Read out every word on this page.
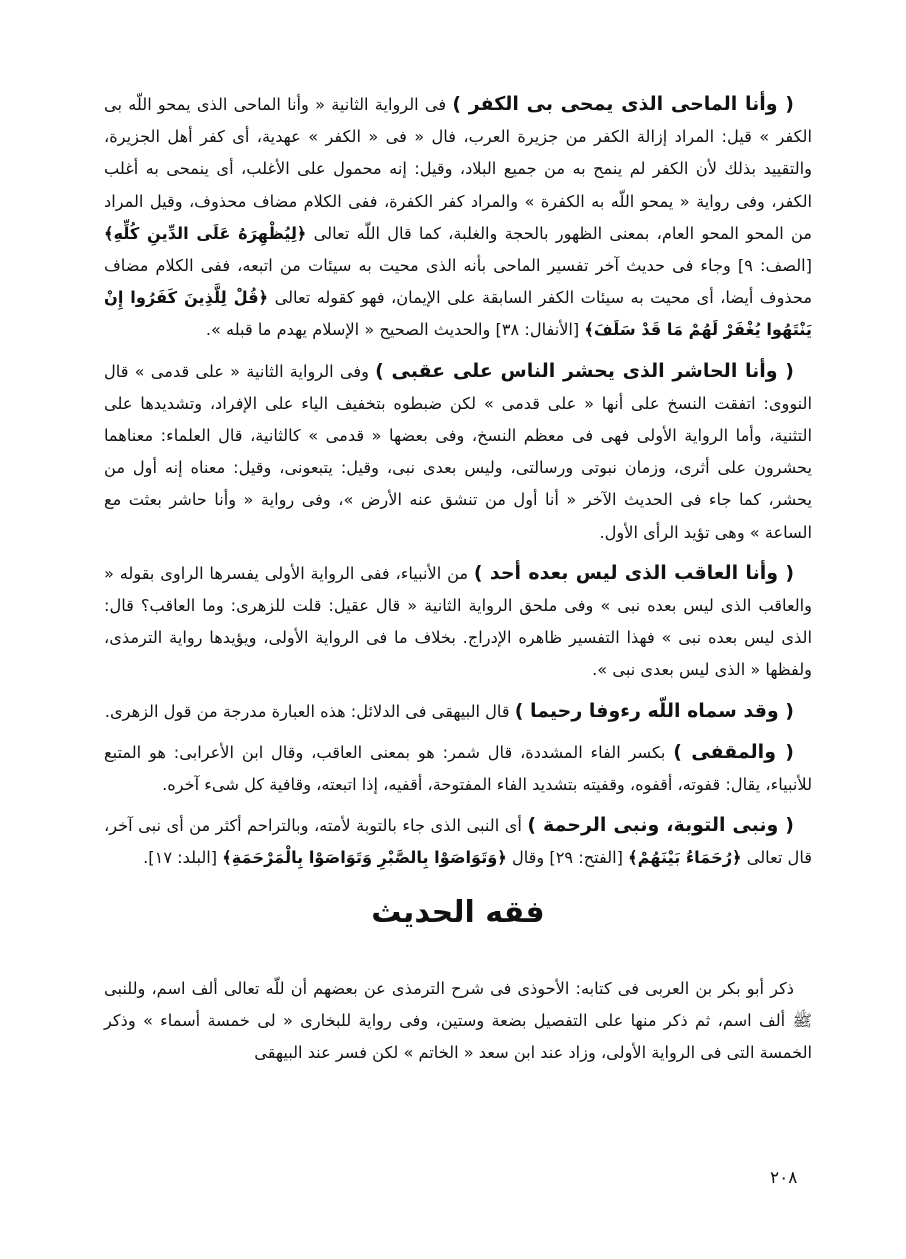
( وأنا الماحى الذى يمحى بى الكفر ) فى الرواية الثانية « وأنا الماحى الذى يمحو اللّه بى الكفر » قيل: المراد إزالة الكفر من جزيرة العرب، فال « فى « الكفر » عهدية، أى كفر أهل الجزيرة، والتقييد بذلك لأن الكفر لم ينمح به من جميع البلاد، وقيل: إنه محمول على الأغلب، أى ينمحى به أغلب الكفر، وفى رواية « يمحو اللّه به الكفرة » والمراد كفر الكفرة، ففى الكلام مضاف محذوف، وقيل المراد من المحو المحو العام، بمعنى الظهور بالحجة والغلبة، كما قال اللّه تعالى ﴿لِيُظْهِرَهُ عَلَى الدِّينِ كُلِّهِ﴾ [الصف: ٩] وجاء فى حديث آخر تفسير الماحى بأنه الذى محيت به سيئات من اتبعه، ففى الكلام مضاف محذوف أيضا، أى محيت به سيئات الكفر السابقة على الإيمان، فهو كقوله تعالى ﴿قُلْ لِلَّذِينَ كَفَرُوا إِنْ يَنْتَهُوا يُغْفَرْ لَهُمْ مَا قَدْ سَلَفَ﴾ [الأنفال: ٣٨] والحديث الصحيح « الإسلام يهدم ما قبله ».

( وأنا الحاشر الذى يحشر الناس على عقبى ) وفى الرواية الثانية « على قدمى » قال النووى: اتفقت النسخ على أنها « على قدمى » لكن ضبطوه بتخفيف الياء على الإفراد، وتشديدها على التثنية، وأما الرواية الأولى فهى فى معظم النسخ، وفى بعضها « قدمى » كالثانية، قال العلماء: معناهما يحشرون على أثرى، وزمان نبوتى ورسالتى، وليس بعدى نبى، وقيل: يتبعونى، وقيل: معناه إنه أول من يحشر، كما جاء فى الحديث الآخر « أنا أول من تنشق عنه الأرض »، وفى رواية « وأنا حاشر بعثت مع الساعة » وهى تؤيد الرأى الأول.

( وأنا العاقب الذى ليس بعده أحد ) من الأنبياء، ففى الرواية الأولى يفسرها الراوى بقوله « والعاقب الذى ليس بعده نبى » وفى ملحق الرواية الثانية « قال عقيل: قلت للزهرى: وما العاقب؟ قال: الذى ليس بعده نبى » فهذا التفسير ظاهره الإدراج. بخلاف ما فى الرواية الأولى، ويؤيدها رواية الترمذى، ولفظها « الذى ليس بعدى نبى ».

( وقد سماه اللّه رءوفا رحيما ) قال البيهقى فى الدلائل: هذه العبارة مدرجة من قول الزهرى.

( والمقفى ) بكسر الفاء المشددة، قال شمر: هو بمعنى العاقب، وقال ابن الأعرابى: هو المتبع للأنبياء، يقال: قفوته، أقفوه، وقفيته بتشديد الفاء المفتوحة، أقفيه، إذا اتبعته، وقافية كل شىء آخره.

( ونبى التوبة، ونبى الرحمة ) أى النبى الذى جاء بالتوبة لأمته، وبالتراحم أكثر من أى نبى آخر، قال تعالى ﴿رُحَمَاءُ بَيْنَهُمْ﴾ [الفتح: ٢٩] وقال ﴿وَتَوَاصَوْا بِالصَّبْرِ وَتَوَاصَوْا بِالْمَرْحَمَةِ﴾ [البلد: ١٧].

فقه الحديث

ذكر أبو بكر بن العربى فى كتابه: الأحوذى فى شرح الترمذى عن بعضهم أن للّه تعالى ألف اسم، وللنبى ﷺ ألف اسم، ثم ذكر منها على التفصيل بضعة وستين، وفى رواية للبخارى « لى خمسة أسماء » وذكر الخمسة التى فى الرواية الأولى، وزاد عند ابن سعد « الخاتم » لكن فسر عند البيهقى

٢٠٨
